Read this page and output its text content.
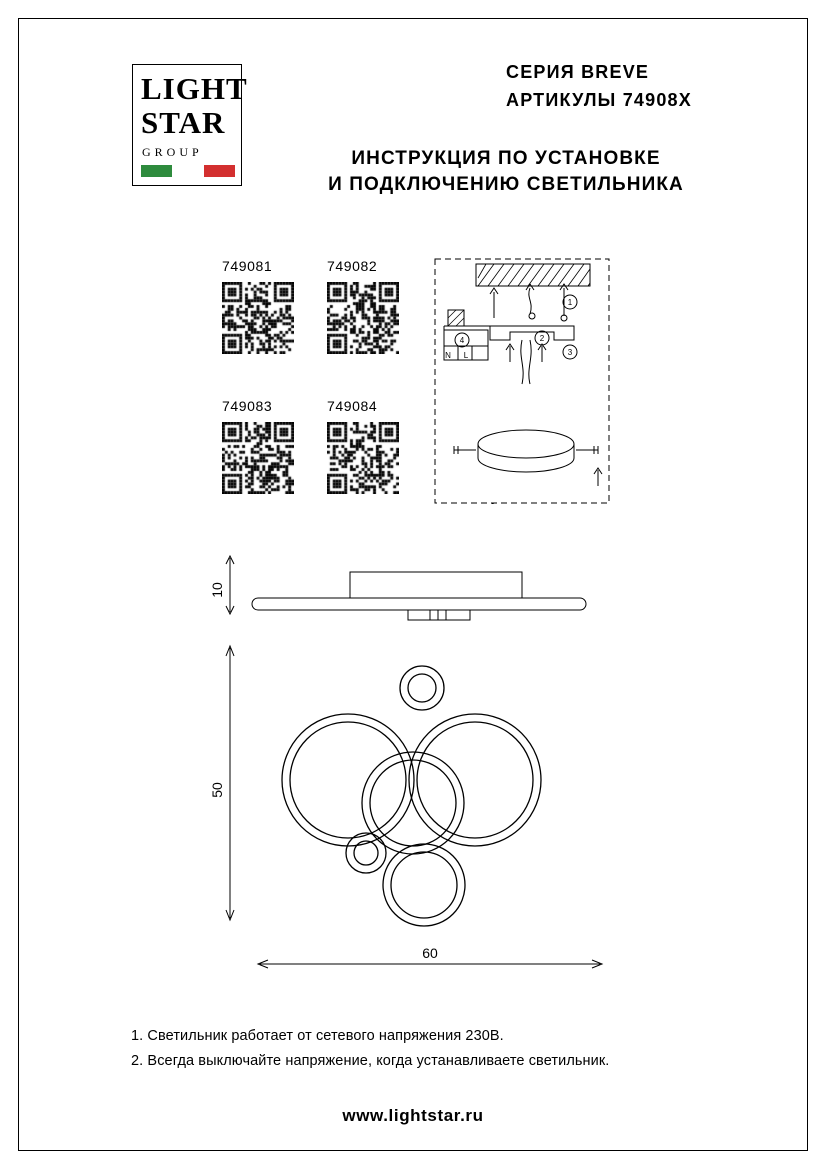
LIGHT
STAR
GROUP
СЕРИЯ BREVE
АРТИКУЛЫ 74908X
ИНСТРУКЦИЯ ПО УСТАНОВКЕ
И ПОДКЛЮЧЕНИЮ СВЕТИЛЬНИКА
749081	749082
749083	749084
1
2
3
4
N L
10
50
60
1. Светильник работает от сетевого напряжения 230В.
2. Всегда выключайте напряжение, когда устанавливаете светильник.
www.lightstar.ru
